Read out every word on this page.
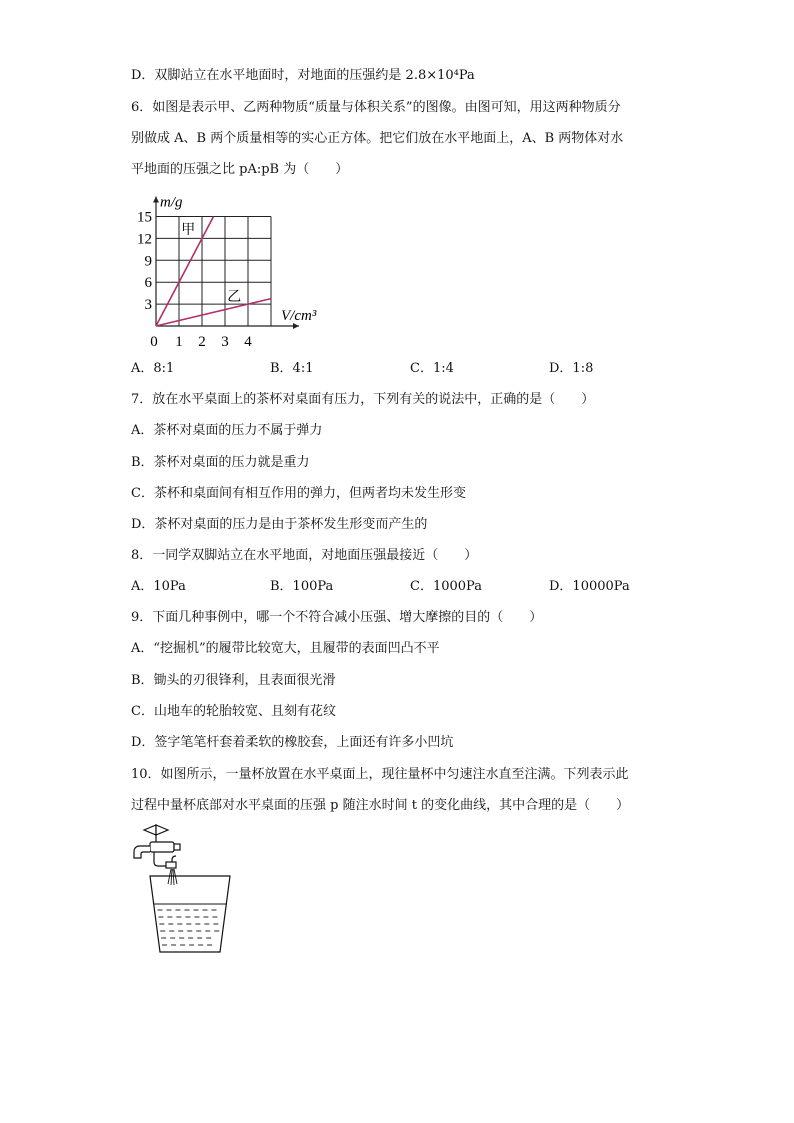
D．双脚站立在水平地面时，对地面的压强约是 2.8×10⁴Pa
6．如图是表示甲、乙两种物质“质量与体积关系”的图像。由图可知，用这两种物质分
别做成 A、B 两个质量相等的实心正方体。把它们放在水平地面上，A、B 两物体对水
平地面的压强之比 pA:pB 为（　　）
甲
乙
0 1 2 3 4
3
6
9
12
15
m/g
V/cm³
A．8:1	B．4:1	C．1:4	D．1:8
7．放在水平桌面上的茶杯对桌面有压力，下列有关的说法中，正确的是（　　）
A．茶杯对桌面的压力不属于弹力
B．茶杯对桌面的压力就是重力
C．茶杯和桌面间有相互作用的弹力，但两者均未发生形变
D．茶杯对桌面的压力是由于茶杯发生形变而产生的
8．一同学双脚站立在水平地面，对地面压强最接近（　　）
A．10Pa	B．100Pa	C．1000Pa	D．10000Pa
9．下面几种事例中，哪一个不符合减小压强、增大摩擦的目的（　　）
A．“挖掘机”的履带比较宽大，且履带的表面凹凸不平
B．锄头的刃很锋利，且表面很光滑
C．山地车的轮胎较宽、且刻有花纹
D．签字笔笔杆套着柔软的橡胶套，上面还有许多小凹坑
10．如图所示，一量杯放置在水平桌面上，现往量杯中匀速注水直至注满。下列表示此
过程中量杯底部对水平桌面的压强 p 随注水时间 t 的变化曲线，其中合理的是（　　）
